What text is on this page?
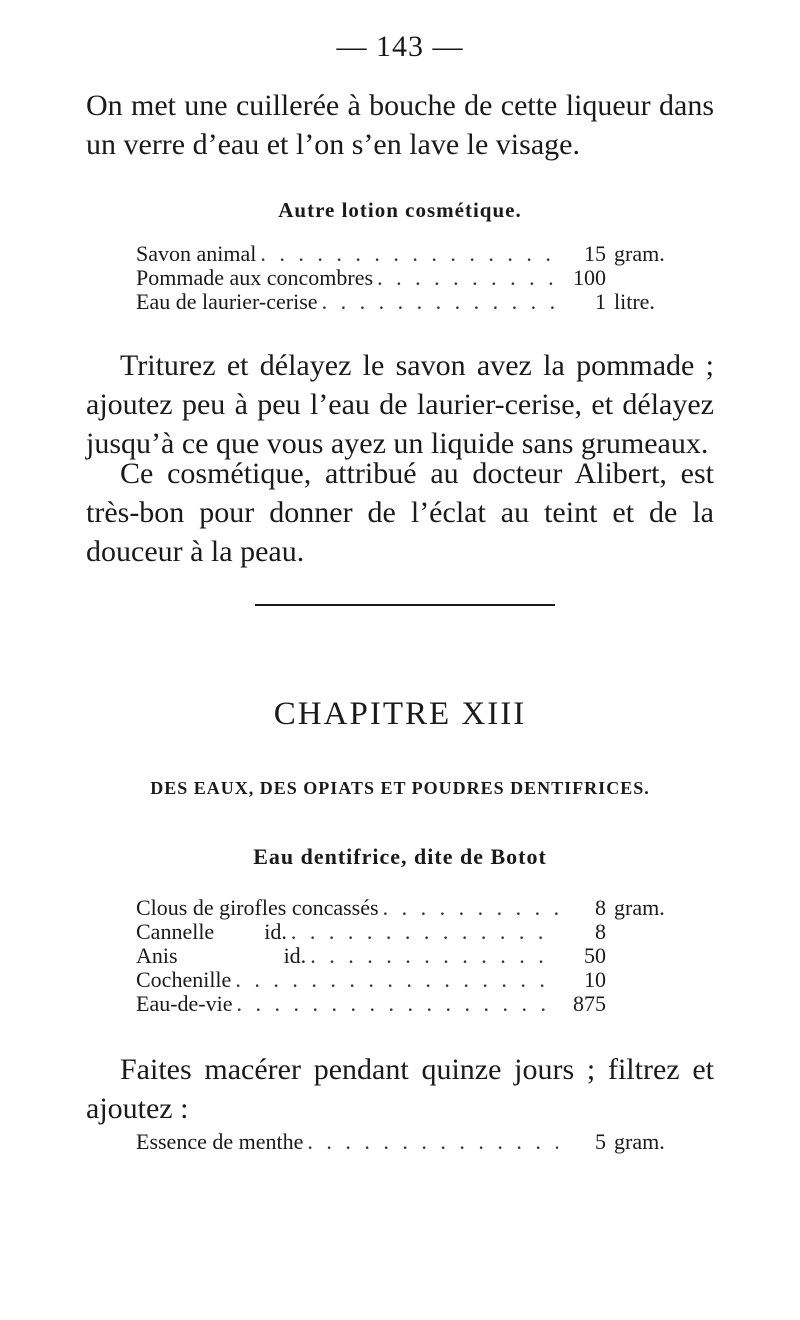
— 143 —

On met une cuillerée à bouche de cette liqueur dans un verre d’eau et l’on s’en lave le visage.

Autre lotion cosmétique.
Savon animal . . .	15 gram.
Pommade aux concombres . . .	100
Eau de laurier-cerise . . .	1 litre.

Triturez et délayez le savon avez la pommade ; ajoutez peu à peu l’eau de laurier-cerise, et délayez jusqu’à ce que vous ayez un liquide sans grumeaux.

Ce cosmétique, attribué au docteur Alibert, est très-bon pour donner de l’éclat au teint et de la douceur à la peau.

CHAPITRE XIII
DES EAUX, DES OPIATS ET POUDRES DENTIFRICES.
Eau dentifrice, dite de Botot
Clous de girofles concassés . . .	8 gram.
Cannelle id. . . .	8
Anis	id. . . .	50
Cochenille . . .	10
Eau-de-vie . . .	875

Faites macérer pendant quinze jours ; filtrez et ajoutez :

Essence de menthe . . .	5 gram.
